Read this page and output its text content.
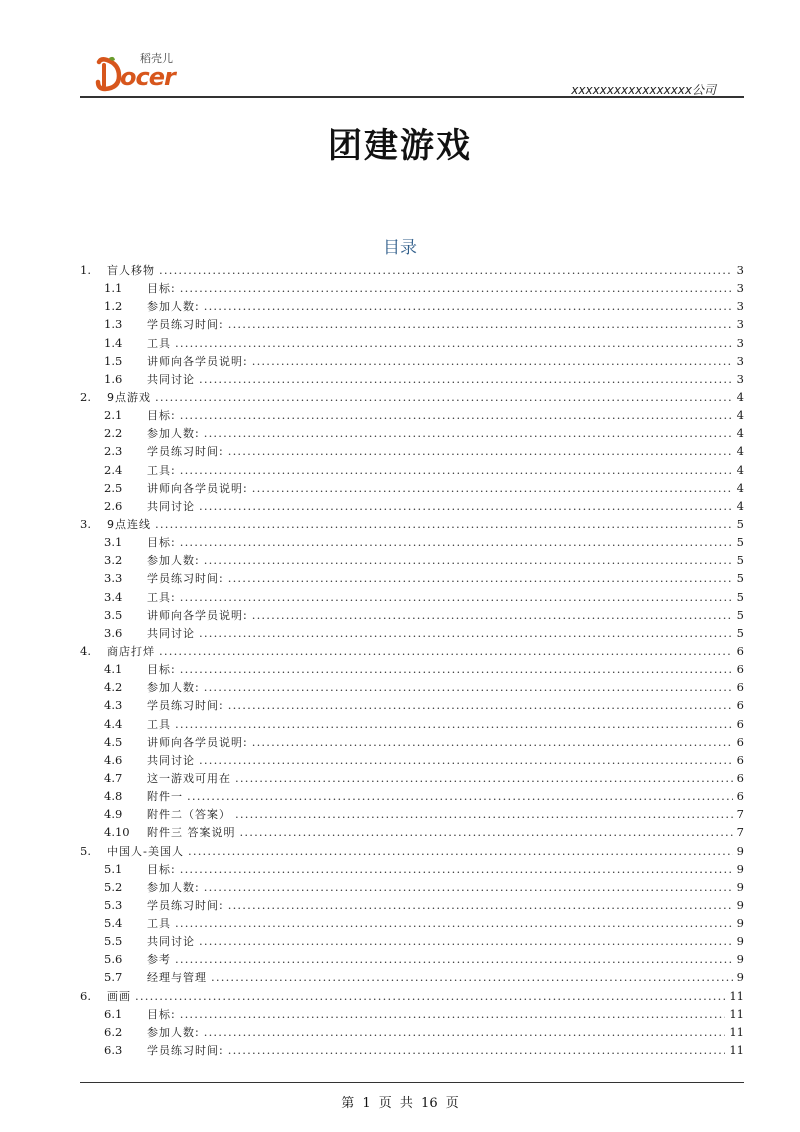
稻壳儿
ocer	xxxxxxxxxxxxxxxxx公司
团建游戏
目录
1.	盲人移物 .....	3
1.1	目标: .....	3
1.2	参加人数: .....	3
1.3	学员练习时间: .....	3
1.4	工具 .....	3
1.5	讲师向各学员说明: .....	3
1.6	共同讨论 .....	3
2.	9点游戏 .....	4
2.1	目标: .....	4
2.2	参加人数: .....	4
2.3	学员练习时间: .....	4
2.4	工具: .....	4
2.5	讲师向各学员说明: .....	4
2.6	共同讨论 .....	4
3.	9点连线 .....	5
3.1	目标: .....	5
3.2	参加人数: .....	5
3.3	学员练习时间: .....	5
3.4	工具: .....	5
3.5	讲师向各学员说明: .....	5
3.6	共同讨论 .....	5
4.	商店打烊 .....	6
4.1	目标: .....	6
4.2	参加人数: .....	6
4.3	学员练习时间: .....	6
4.4	工具 .....	6
4.5	讲师向各学员说明: .....	6
4.6	共同讨论 .....	6
4.7	这一游戏可用在 .....	6
4.8	附件一 .....	6
4.9	附件二（答案） .....	7
4.10	附件三 答案说明 .....	7
5.	中国人-美国人 .....	9
5.1	目标: .....	9
5.2	参加人数: .....	9
5.3	学员练习时间: .....	9
5.4	工具 .....	9
5.5	共同讨论 .....	9
5.6	参考 .....	9
5.7	经理与管理 .....	9
6.	画画 .....	11
6.1	目标: .....	11
6.2	参加人数: .....	11
6.3	学员练习时间: .....	11
第 1 页 共 16 页
